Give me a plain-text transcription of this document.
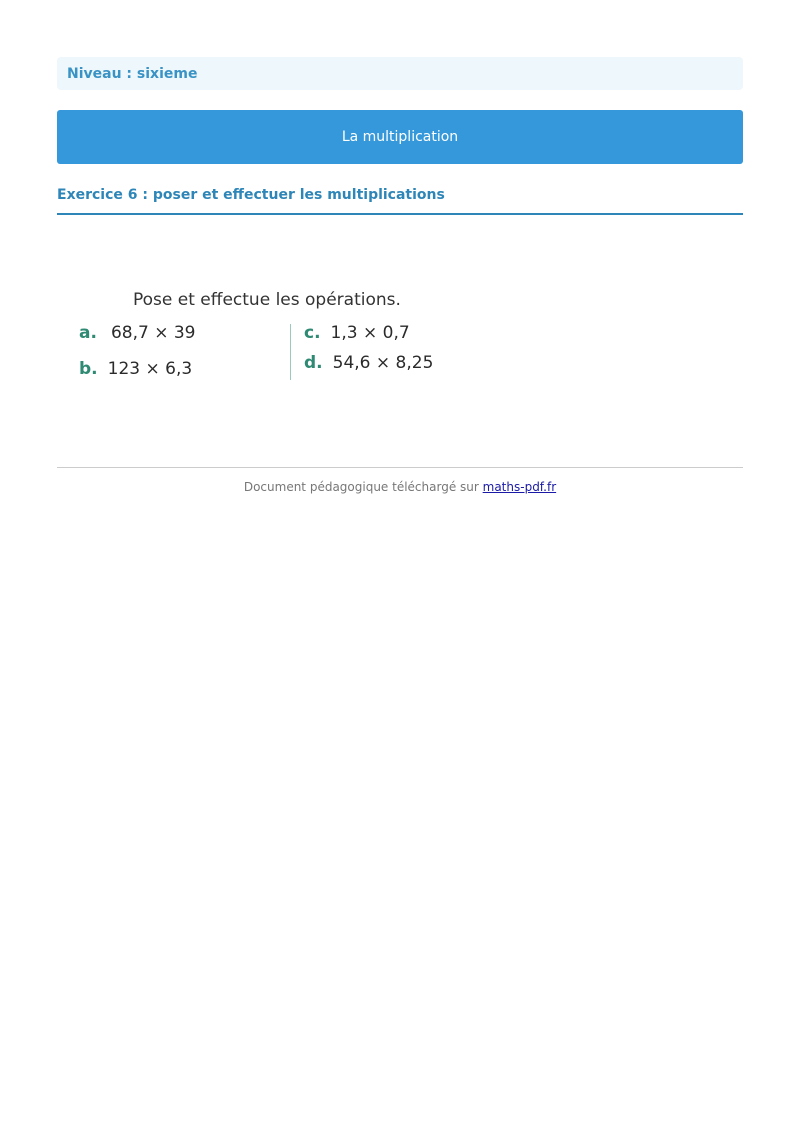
Niveau : sixieme
La multiplication
Exercice 6 : poser et effectuer les multiplications
Pose et effectue les opérations.
a. 68,7 × 39
b. 123 × 6,3
c. 1,3 × 0,7
d. 54,6 × 8,25
Document pédagogique téléchargé sur maths-pdf.fr
